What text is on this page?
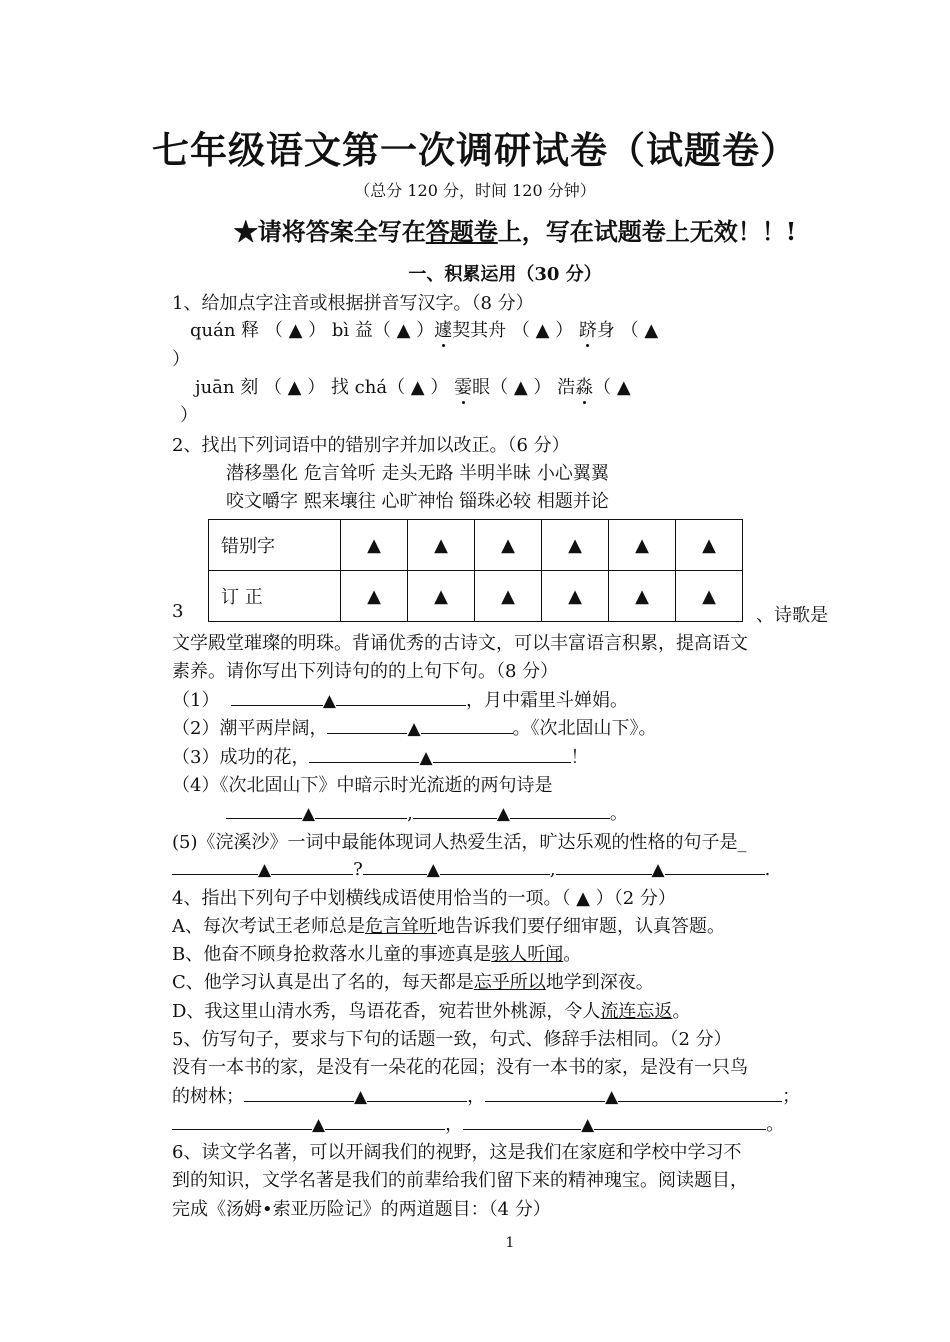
七年级语文第一次调研试卷（试题卷）
（总分 120 分，时间 120 分钟）
★请将答案全写在答题卷上，写在试题卷上无效！！!
一、积累运用（30 分）
1、给加点字注音或根据拼音写汉字。（8 分）
quán 释 （ ▲ ） bì 益（ ▲ ）遽契其舟 （ ▲ ） 跻身 （ ▲
）
juān 刻 （ ▲ ） 找 chá（ ▲ ） 霎眼（ ▲ ） 浩淼（ ▲
）
2、找出下列词语中的错别字并加以改正。（6 分）
潜移墨化 危言耸听 走头无路 半明半昧 小心翼翼
咬文嚼字 熙来壤往 心旷神怡 锱珠必较 相题并论
错别字	▲	▲	▲	▲	▲	▲
订 正	▲	▲	▲	▲	▲	▲
3	、诗歌是
文学殿堂璀璨的明珠。背诵优秀的古诗文，可以丰富语言积累，提高语文
素养。请你写出下列诗句的的上句下句。（8 分）
（1）	▲	，月中霜里斗婵娟。
（2）潮平两岸阔，	▲	。《次北固山下》。
（3）成功的花，	▲	！
（4）《次北固山下》中暗示时光流逝的两句诗是
▲	,	▲	。
(5)《浣溪沙》一词中最能体现词人热爱生活，旷达乐观的性格的句子是_
▲	?	▲	,	▲	.
4、指出下列句子中划横线成语使用恰当的一项。（ ▲ ）（2 分）
A、每次考试王老师总是危言耸听地告诉我们要仔细审题，认真答题。
B、他奋不顾身抢救落水儿童的事迹真是骇人听闻。
C、他学习认真是出了名的，每天都是忘乎所以地学到深夜。
D、我这里山清水秀，鸟语花香，宛若世外桃源，令人流连忘返。
5、仿写句子，要求与下句的话题一致，句式、修辞手法相同。（2 分）
没有一本书的家，是没有一朵花的花园；没有一本书的家，是没有一只鸟
的树林；	▲	，	▲	；
▲	，	▲	。
6、读文学名著，可以开阔我们的视野，这是我们在家庭和学校中学习不
到的知识，文学名著是我们的前辈给我们留下来的精神瑰宝。阅读题目，
完成《汤姆•索亚历险记》的两道题目：（4 分）
1
